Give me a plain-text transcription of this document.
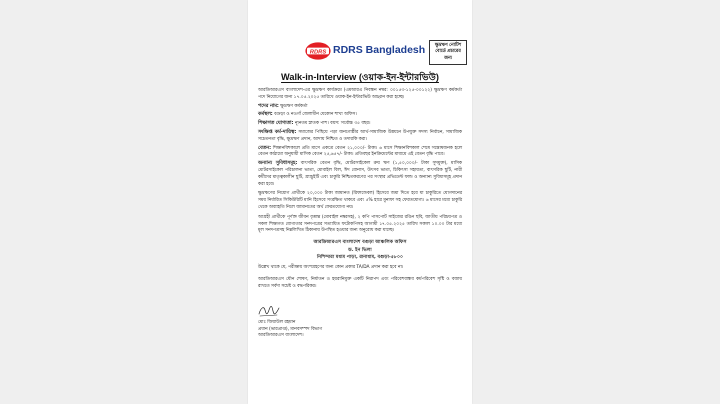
RDRS RDRS Bangladesh ক্ষুদ্রঋণ নোটিশ
বোর্ডে প্রচারের
জন্য
Walk-in-Interview (ওয়াক-ইন-ইন্টারভিউ)

আরডিআরএস বাংলাদেশ-এর ক্ষুদ্রঋণ কার্যক্রমে (এমআরএ নিবন্ধন নম্বর: ০০১৫৩-১২৫-০০১২২) ক্ষুদ্রঋণ কর্মকর্তা পদে নিয়োগের জন্য ১৭.০৫.২০২৫ তারিখে ওয়াক-ইন-ইন্টারভিউ আহ্বান করা হচ্ছে।

পদের নাম: ক্ষুদ্রঋণ কর্মকর্তা

কর্মস্থল: বগুড়া ও নওগাঁ জেলাধীন যেকোন শাখা অফিস।

শিক্ষাগত যোগ্যতা: ন্যূনতম স্নাতক পাশ। বয়স: সর্বোচ্চ ৩৫ বছর।

সংক্ষিপ্ত কর্ম-দায়িত্ব: সমাজের পিছিয়ে পড়া জনগোষ্ঠীর আর্থ-সামাজিক উন্নয়নে উপযুক্ত সদস্য নির্বাচন, সামাজিক সচেতনতা বৃদ্ধি, ক্ষুদ্রঋণ প্রদান, আদায় নিশ্চিত ও তদারকি করা।

বেতন: শিক্ষানবিশকালে প্রতি মাসে একত্রে বেতন ২১,০০০/- টাকা। ৬ মাসে শিক্ষানবিশকাল শেষে সন্তোষজনক হলে বেতন কাঠামো অনুযায়ী মাসিক বেতন ২৫,৬৫৭/- টাকা। প্রতিবছর ইনক্রিমেন্টের মাধ্যমে এই বেতন বৃদ্ধি পাবে।

অন্যান্য সুবিধাসমূহ: বাৎসরিক বেতন বৃদ্ধি, মোটরসাইকেল ক্রয় ঋণ (১,৫০,০০০/- টাকা সুদমুক্ত), মাসিক মোটরসাইকেল পরিচালনা ভাতা, মোবাইল বিল, ঈদ বোনাস, উৎসব ভাতা, চিকিৎসা সহায়তা, বাৎসরিক ছুটি, নারী কর্মীদের মাতৃত্বকালীন ছুটি, গ্র্যাচুইটি এবং চাকুরি নিশ্চিতকরণের পর সংস্থার প্রভিডেন্ট ফান্ড ও অন্যান্য সুবিধাসমূহ প্রদান করা হবে।

ক্ষুদ্রঋণের নিয়োগ প্রার্থীকে ২০,০০০ টাকা জামানত (রিফান্ডেবল) হিসেবে জমা দিতে হবে যা চাকুরিতে যোগদানের সময় নির্ধারিত সিকিউরিটি মানি হিসেবে সংরক্ষিত থাকবে এবং ৫% হারে মুনাফা সহ ফেরতযোগ্য। ৬ মাসের মধ্যে চাকুরি থেকে অব্যাহতি নিলে জামানতের অর্থ ফেরতযোগ্য নয়।

আগ্রহী প্রার্থীকে পূর্ণাঙ্গ জীবন বৃত্তান্ত (মোবাইল নম্বরসহ), ২ কপি পাসপোর্ট সাইজের রঙিন ছবি, জাতীয় পরিচয়পত্র ও সকল শিক্ষাগত যোগ্যতার সনদপত্রের সত্যায়িত ফটোকপিসহ আগামী ১৭.০৫.২০২৫ তারিখ সকাল ১০.০০ টার মধ্যে মূল সনদপত্রসহ নিম্নলিখিত ঠিকানায় উপস্থিত হওয়ার জন্য অনুরোধ করা যাচ্ছে।

আরডিআরএস বাংলাদেশ বগুড়া আঞ্চলিক অফিস
ড. ইন ভিলা
নিশিন্দারা মধ্যম পাড়া, রানাধাম, বগুড়া-৫৮০০

উল্লেখ থাকে যে, পরীক্ষায় অংশগ্রহণের জন্য কোন প্রকার TA/DA প্রদান করা হবে না।

আরডিআরএস যৌন শোষণ, নির্যাতন ও হয়রানিমুক্ত একটি নিরাপদ এবং পরিবেশবান্ধব কর্মপরিবেশ সৃষ্টি ও বজায় রাখতে সর্বদা সচেষ্ট ও বদ্ধপরিকর।

মোঃ জিয়াউল রহমান
প্রধান (ভারপ্রাপ্ত), মানবসম্পদ বিভাগ
আরডিআরএস বাংলাদেশ।
